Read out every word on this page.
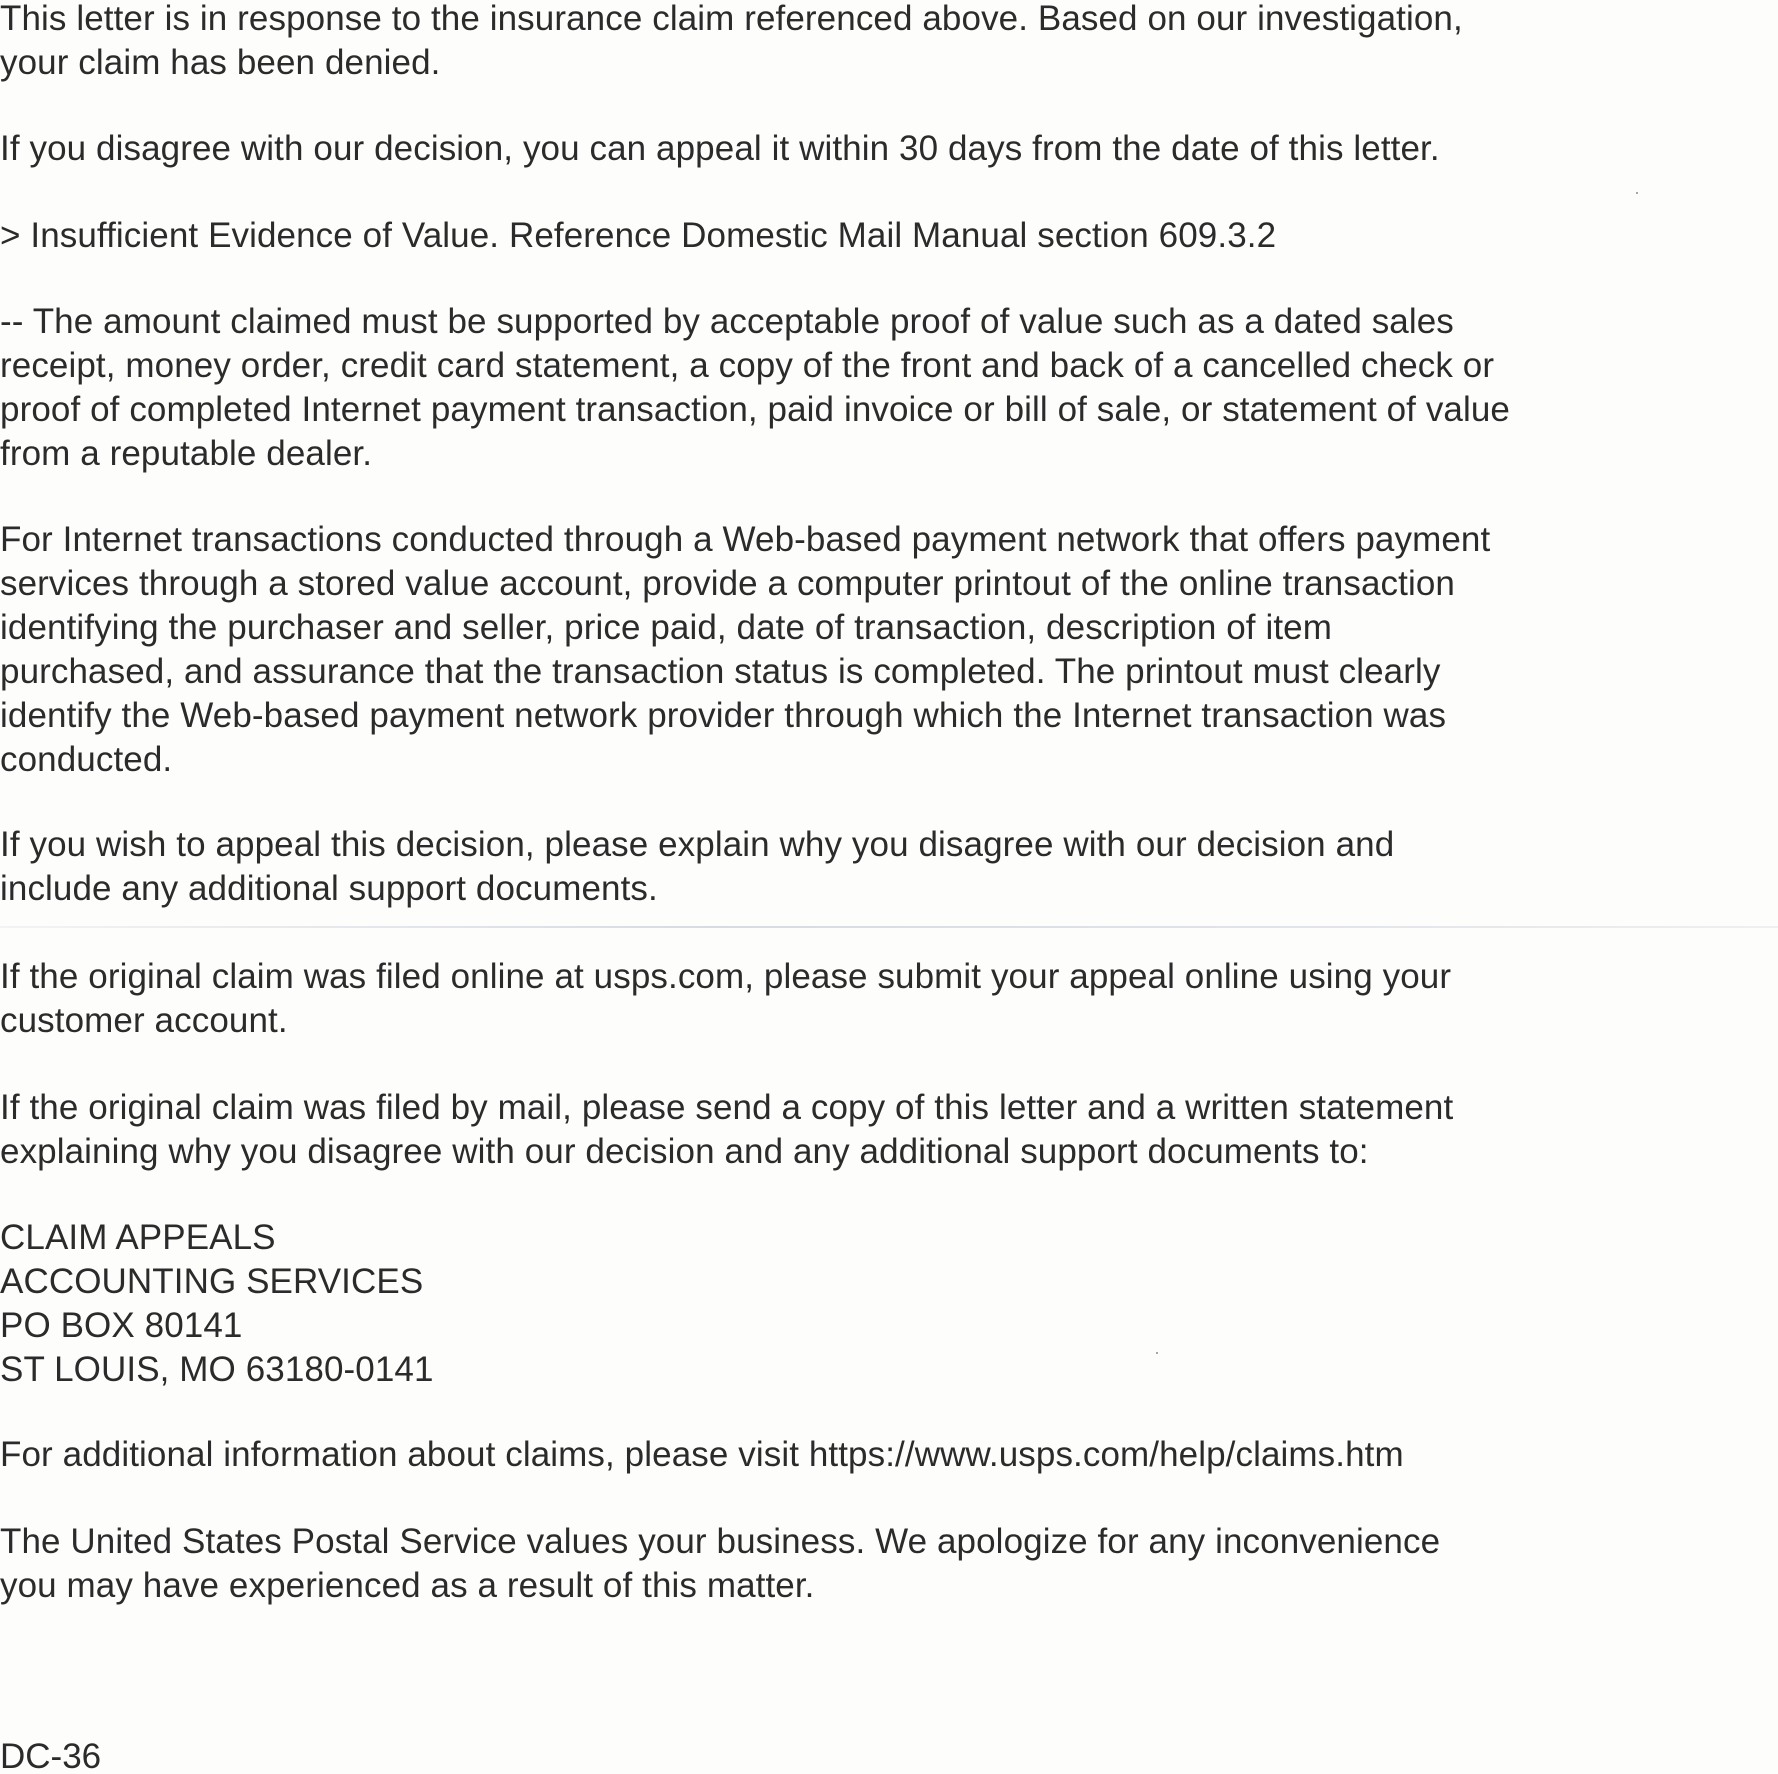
This letter is in response to the insurance claim referenced above. Based on our investigation,
your claim has been denied.
If you disagree with our decision, you can appeal it within 30 days from the date of this letter.
> Insufficient Evidence of Value. Reference Domestic Mail Manual section 609.3.2
-- The amount claimed must be supported by acceptable proof of value such as a dated sales
receipt, money order, credit card statement, a copy of the front and back of a cancelled check or
proof of completed Internet payment transaction, paid invoice or bill of sale, or statement of value
from a reputable dealer.
For Internet transactions conducted through a Web-based payment network that offers payment
services through a stored value account, provide a computer printout of the online transaction
identifying the purchaser and seller, price paid, date of transaction, description of item
purchased, and assurance that the transaction status is completed. The printout must clearly
identify the Web-based payment network provider through which the Internet transaction was
conducted.
If you wish to appeal this decision, please explain why you disagree with our decision and
include any additional support documents.
If the original claim was filed online at usps.com, please submit your appeal online using your
customer account.
If the original claim was filed by mail, please send a copy of this letter and a written statement
explaining why you disagree with our decision and any additional support documents to:
CLAIM APPEALS
ACCOUNTING SERVICES
PO BOX 80141
ST LOUIS, MO 63180-0141
For additional information about claims, please visit https://www.usps.com/help/claims.htm
The United States Postal Service values your business. We apologize for any inconvenience
you may have experienced as a result of this matter.
DC-36
